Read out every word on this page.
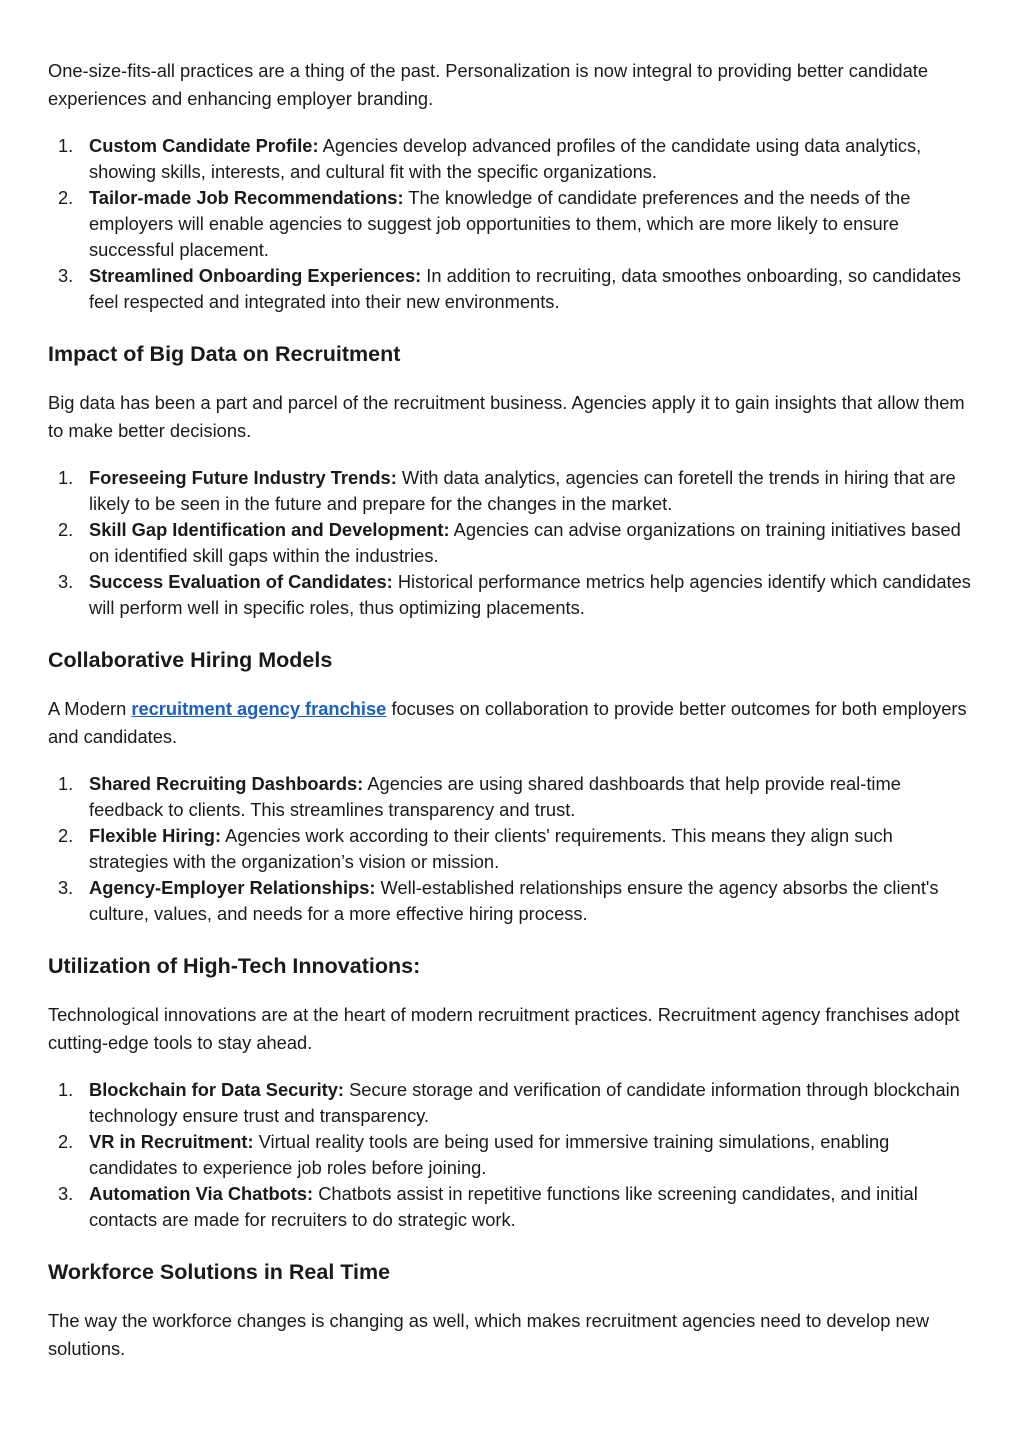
One-size-fits-all practices are a thing of the past. Personalization is now integral to providing better candidate experiences and enhancing employer branding.

1. Custom Candidate Profile: Agencies develop advanced profiles of the candidate using data analytics, showing skills, interests, and cultural fit with the specific organizations.
2. Tailor-made Job Recommendations: The knowledge of candidate preferences and the needs of the employers will enable agencies to suggest job opportunities to them, which are more likely to ensure successful placement.
3. Streamlined Onboarding Experiences: In addition to recruiting, data smoothes onboarding, so candidates feel respected and integrated into their new environments.
Impact of Big Data on Recruitment

Big data has been a part and parcel of the recruitment business. Agencies apply it to gain insights that allow them to make better decisions.

1. Foreseeing Future Industry Trends: With data analytics, agencies can foretell the trends in hiring that are likely to be seen in the future and prepare for the changes in the market.
2. Skill Gap Identification and Development: Agencies can advise organizations on training initiatives based on identified skill gaps within the industries.
3. Success Evaluation of Candidates: Historical performance metrics help agencies identify which candidates will perform well in specific roles, thus optimizing placements.
Collaborative Hiring Models

A Modern recruitment agency franchise focuses on collaboration to provide better outcomes for both employers and candidates.

1. Shared Recruiting Dashboards: Agencies are using shared dashboards that help provide real-time feedback to clients. This streamlines transparency and trust.
2. Flexible Hiring: Agencies work according to their clients' requirements. This means they align such strategies with the organization’s vision or mission.
3. Agency-Employer Relationships: Well-established relationships ensure the agency absorbs the client's culture, values, and needs for a more effective hiring process.
Utilization of High-Tech Innovations:

Technological innovations are at the heart of modern recruitment practices. Recruitment agency franchises adopt cutting-edge tools to stay ahead.

1. Blockchain for Data Security: Secure storage and verification of candidate information through blockchain technology ensure trust and transparency.
2. VR in Recruitment: Virtual reality tools are being used for immersive training simulations, enabling candidates to experience job roles before joining.
3. Automation Via Chatbots: Chatbots assist in repetitive functions like screening candidates, and initial contacts are made for recruiters to do strategic work.
Workforce Solutions in Real Time

The way the workforce changes is changing as well, which makes recruitment agencies need to develop new solutions.
